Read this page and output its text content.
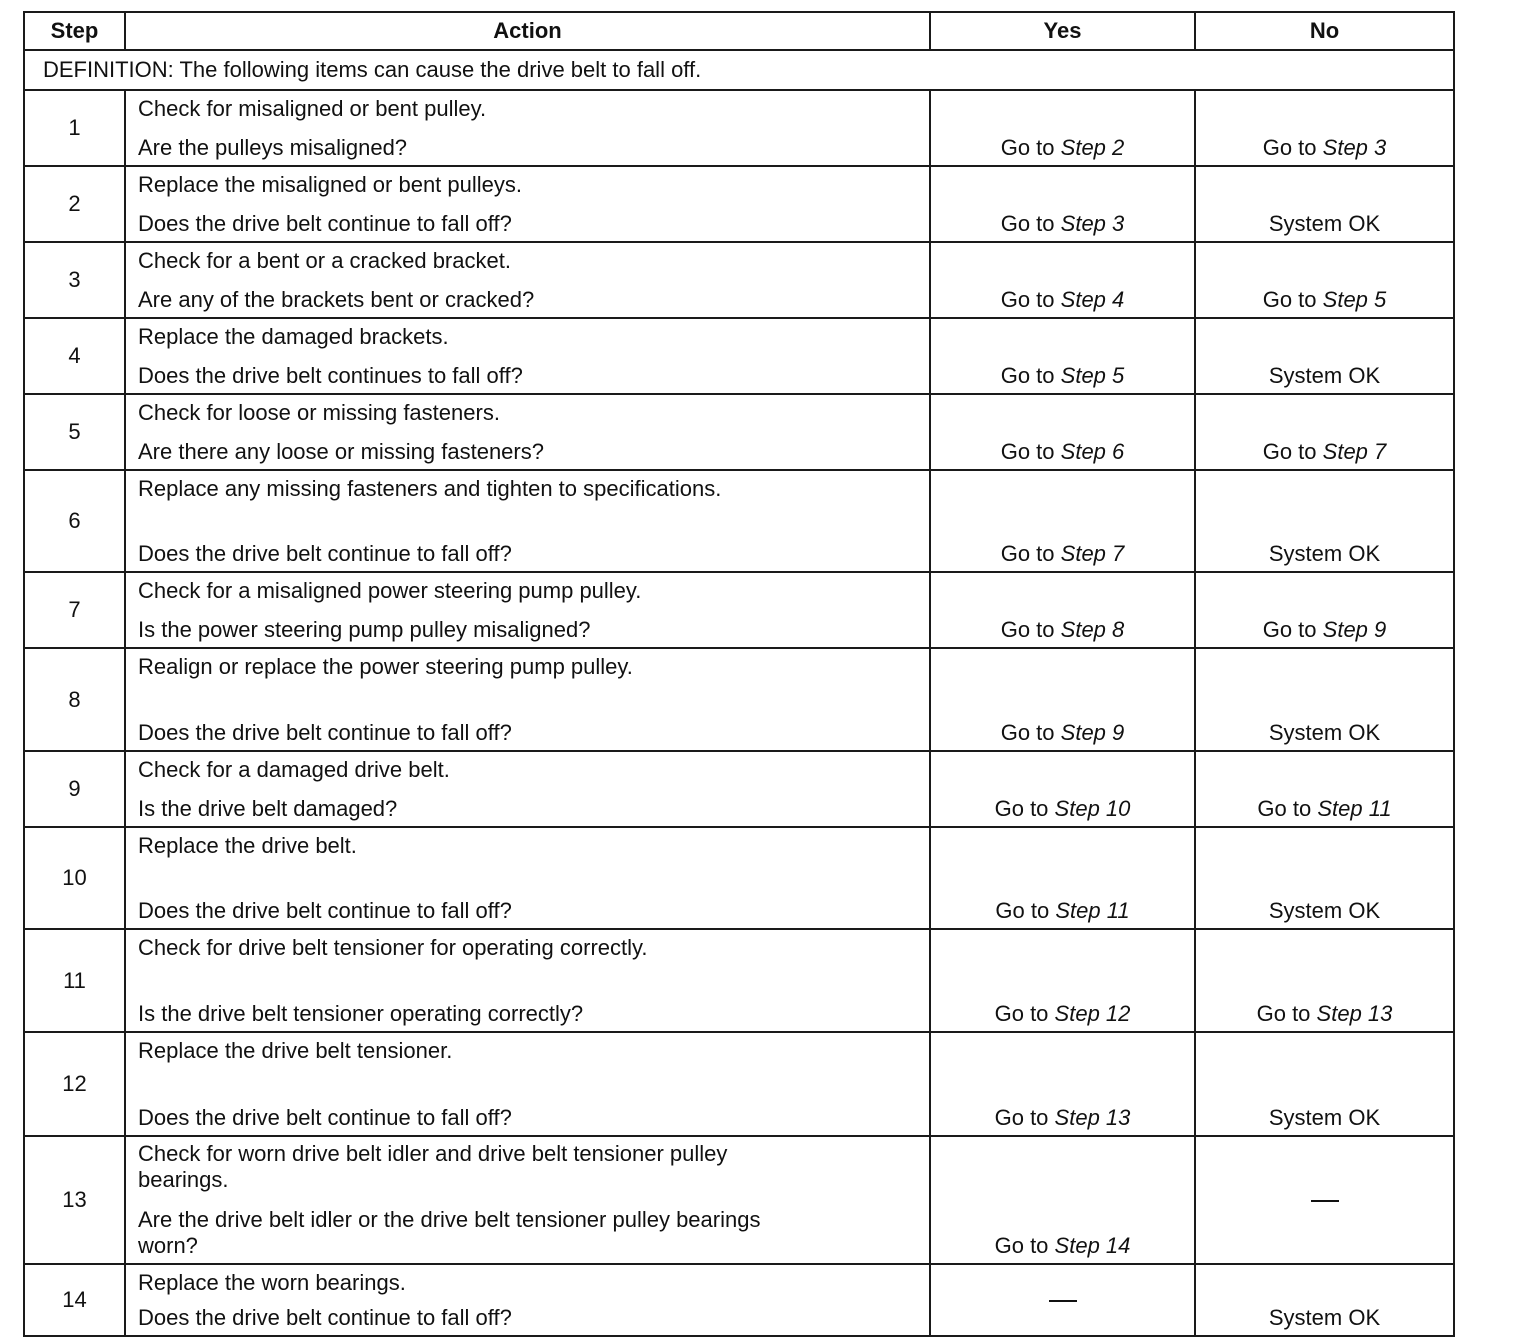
Step	Action	Yes	No
DEFINITION: The following items can cause the drive belt to fall off.			
1	Check for misaligned or bent pulley.
Are the pulleys misaligned?	Go to Step 2	Go to Step 3
2	Replace the misaligned or bent pulleys.
Does the drive belt continue to fall off?	Go to Step 3	System OK
3	Check for a bent or a cracked bracket.
Are any of the brackets bent or cracked?	Go to Step 4	Go to Step 5
4	Replace the damaged brackets.
Does the drive belt continues to fall off?	Go to Step 5	System OK
5	Check for loose or missing fasteners.
Are there any loose or missing fasteners?	Go to Step 6	Go to Step 7
6	Replace any missing fasteners and tighten to specifications.
Does the drive belt continue to fall off?	Go to Step 7	System OK
7	Check for a misaligned power steering pump pulley.
Is the power steering pump pulley misaligned?	Go to Step 8	Go to Step 9
8	Realign or replace the power steering pump pulley.
Does the drive belt continue to fall off?	Go to Step 9	System OK
9	Check for a damaged drive belt.
Is the drive belt damaged?	Go to Step 10	Go to Step 11
10	Replace the drive belt.
Does the drive belt continue to fall off?	Go to Step 11	System OK
11	Check for drive belt tensioner for operating correctly.
Is the drive belt tensioner operating correctly?	Go to Step 12	Go to Step 13
12	Replace the drive belt tensioner.
Does the drive belt continue to fall off?	Go to Step 13	System OK
13	Check for worn drive belt idler and drive belt tensioner pulley bearings.
Are the drive belt idler or the drive belt tensioner pulley bearings worn?	Go to Step 14	
14	Replace the worn bearings.
Does the drive belt continue to fall off?		System OK
